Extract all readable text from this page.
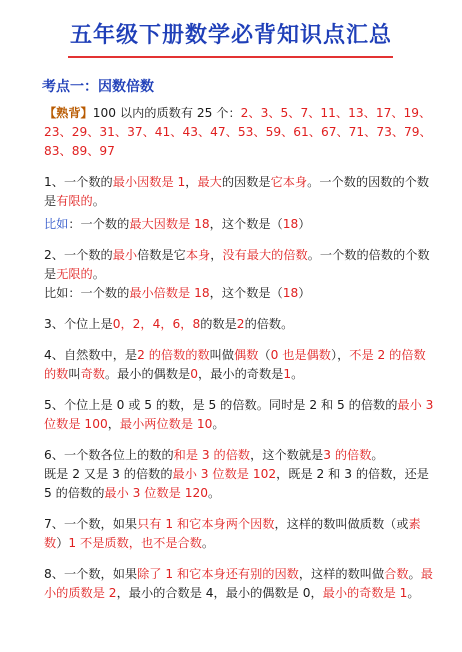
五年级下册数学必背知识点汇总
考点一：因数倍数

【熟背】100 以内的质数有 25 个：2、3、5、7、11、13、17、19、23、29、31、37、41、43、47、53、59、61、67、71、73、79、83、89、97

1、一个数的最小因数是 1，最大的因数是它本身。一个数的因数的个数是有限的。

比如：一个数的最大因数是 18，这个数是（18）

2、一个数的最小倍数是它本身，没有最大的倍数。一个数的倍数的个数是无限的。

比如：一个数的最小倍数是 18，这个数是（18）

3、个位上是0，2，4，6，8的数是2的倍数。

4、自然数中，是2 的倍数的数叫做偶数（0 也是偶数），不是 2 的倍数的数叫奇数。最小的偶数是0，最小的奇数是1。

5、个位上是 0 或 5 的数，是 5 的倍数。同时是 2 和 5 的倍数的最小 3 位数是 100，最小两位数是 10。

6、一个数各位上的数的和是 3 的倍数，这个数就是3 的倍数。

既是 2 又是 3 的倍数的最小 3 位数是 102，既是 2 和 3 的倍数，还是 5 的倍数的最小 3 位数是 120。

7、一个数，如果只有 1 和它本身两个因数，这样的数叫做质数（或素数）1 不是质数，也不是合数。

8、一个数，如果除了 1 和它本身还有别的因数，这样的数叫做合数。最小的质数是 2，最小的合数是 4，最小的偶数是 0，最小的奇数是 1。
